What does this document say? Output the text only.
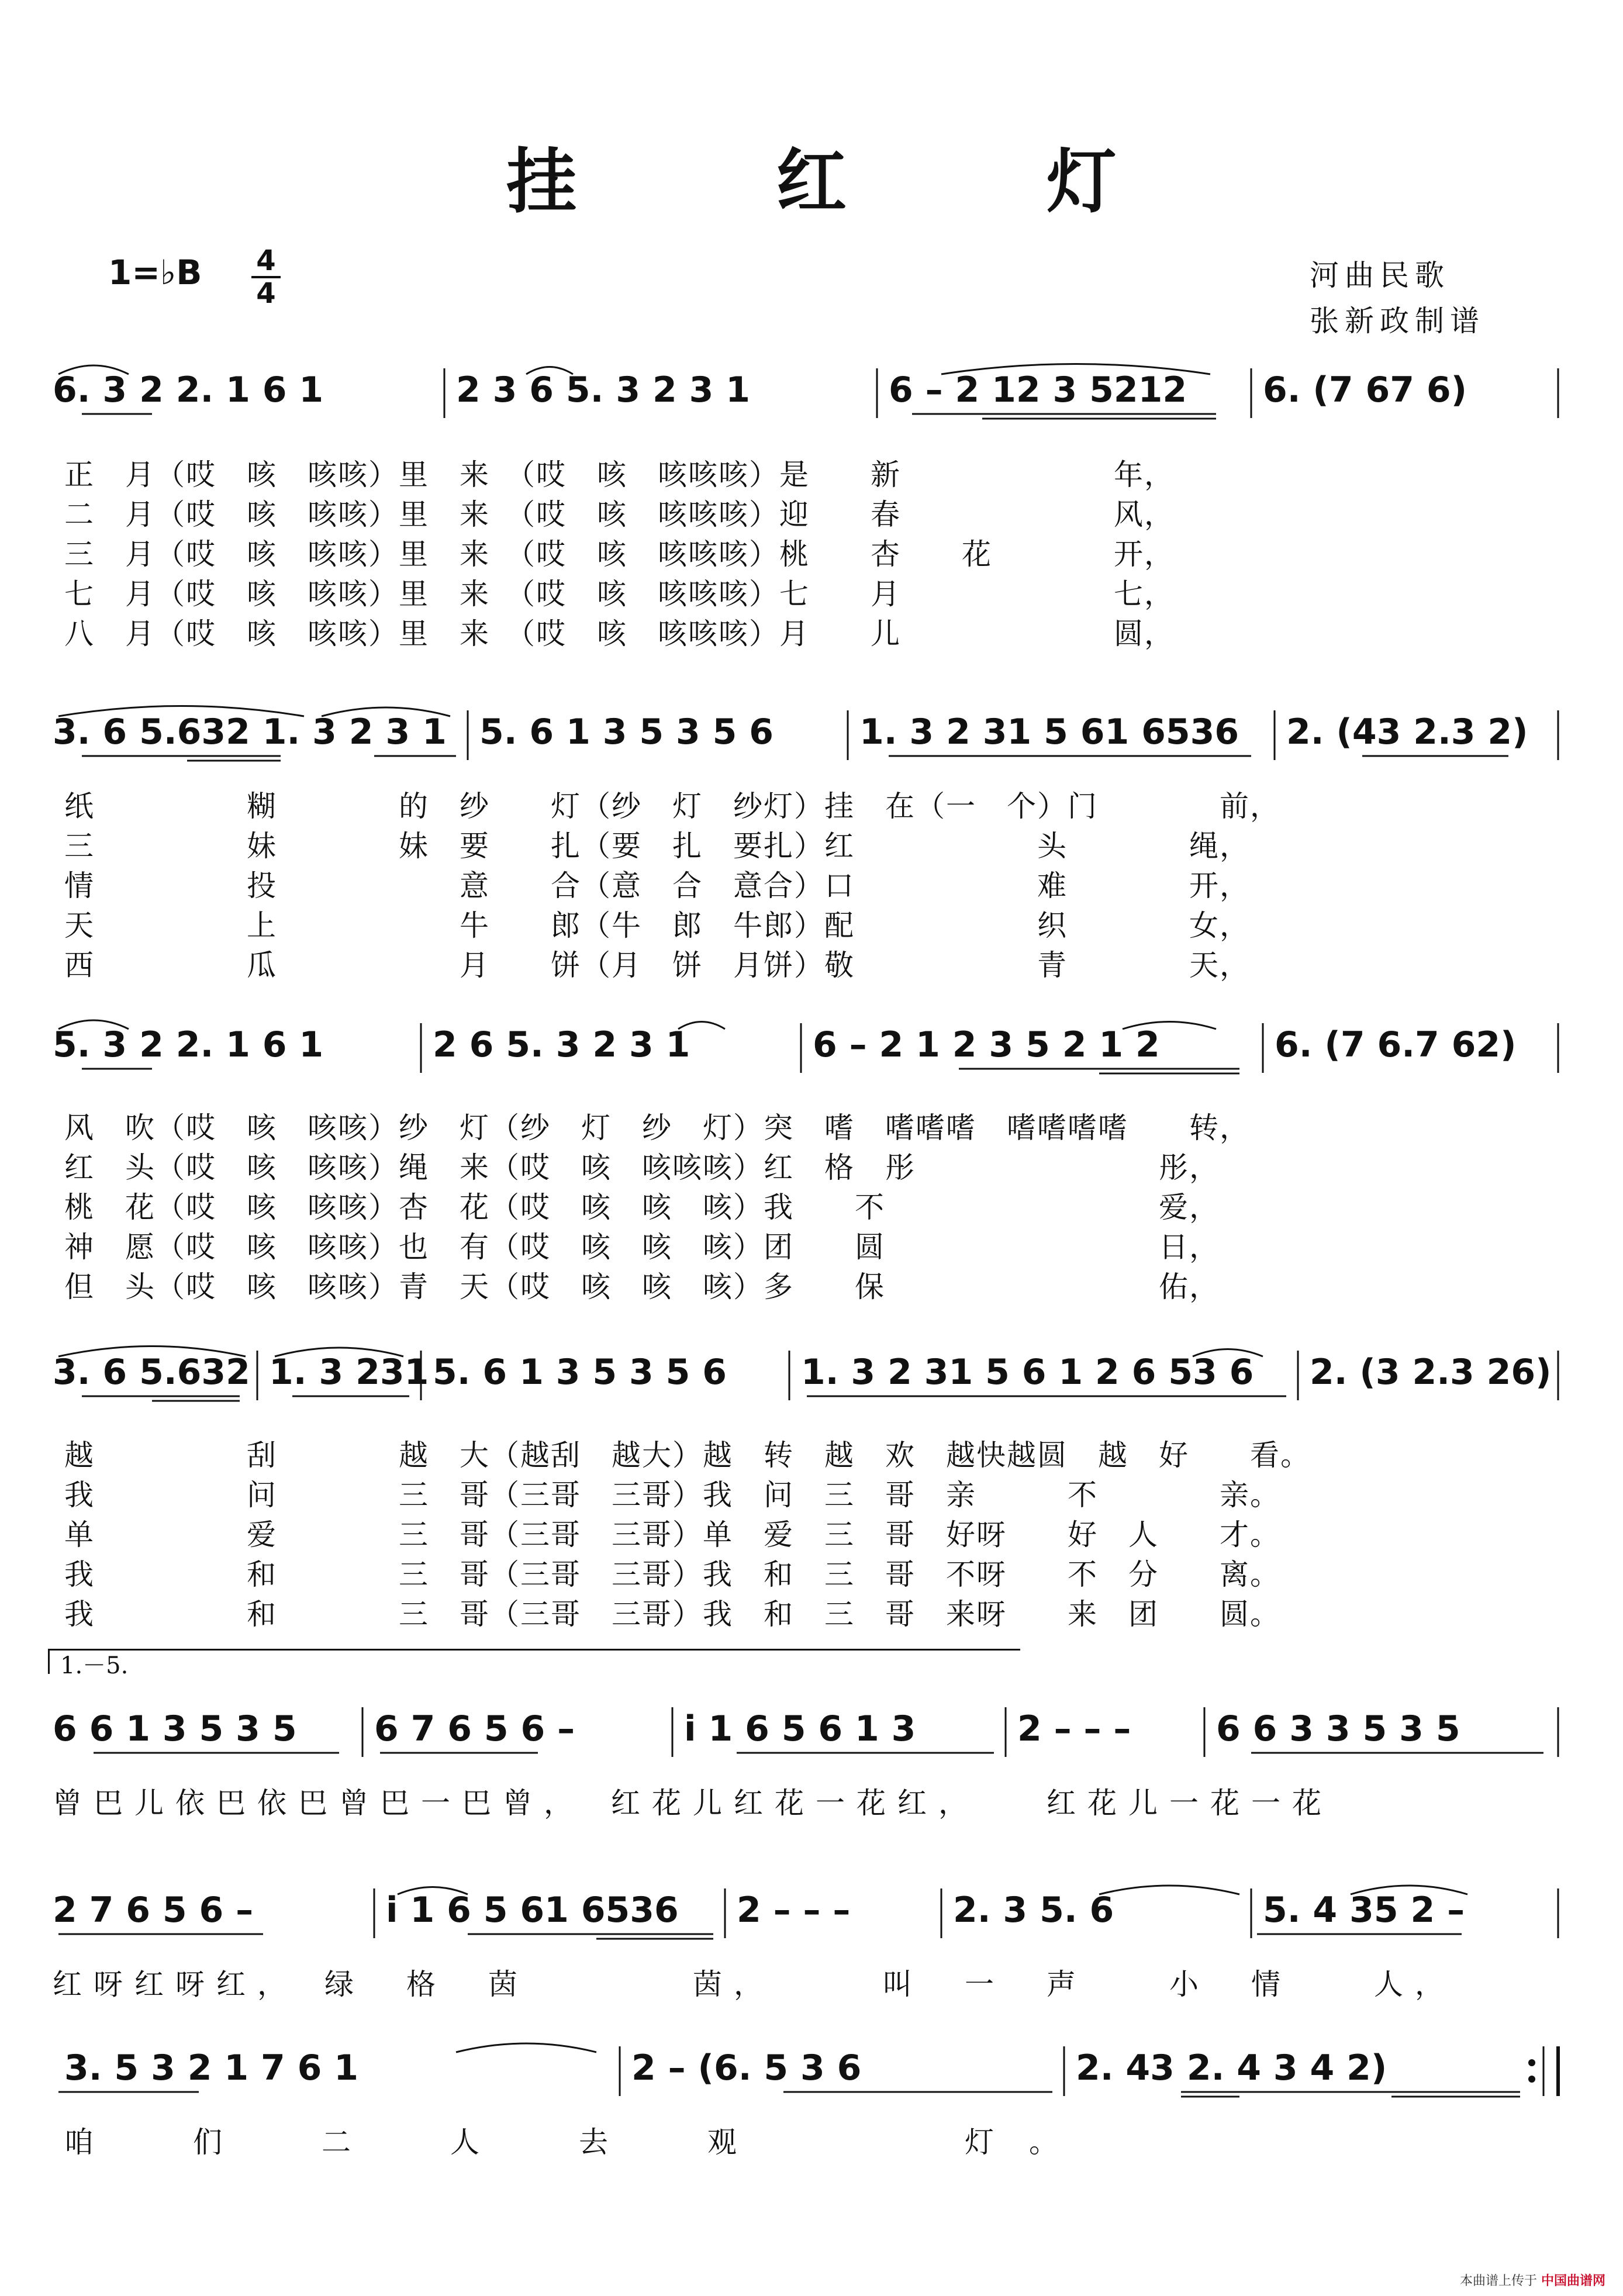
挂 红 灯
1=♭B $\frac{4}{4}$	河曲民歌
张新政制谱
6. 3 2 2. 1 6 1	2 3 6 5. 3 2 3 1	6 – 2 12 3 5212 6. (7 67 6)
正　月（哎　咳　咳咳）里　来　（哎　咳　咳咳咳）是　　新　　　　　　　年，
二　月（哎　咳　咳咳）里　来　（哎　咳　咳咳咳）迎　　春　　　　　　　风，
三　月（哎　咳　咳咳）里　来　（哎　咳　咳咳咳）桃　　杏　　花　　　　开，
七　月（哎　咳　咳咳）里　来　（哎　咳　咳咳咳）七　　月　　　　　　　七，
八　月（哎　咳　咳咳）里　来　（哎　咳　咳咳咳）月　　儿　　　　　　　圆，
3. 6 5.632 1. 3 2 3 1 5. 6 1 3 5 3 5 6 1. 3 2 31 5 61 6536 2. (43 2.3 2)
纸　　　　　糊　　　　的　纱　　灯（纱　灯　纱灯）挂　在（一　个）门　　　　前，
三　　　　　妹　　　　妹　要　　扎（要　扎　要扎）红　　　　　　头　　　　绳，
情　　　　　投　　　　　　意　　合（意　合　意合）口　　　　　　难　　　　开，
天　　　　　上　　　　　　牛　　郎（牛　郎　牛郎）配　　　　　　织　　　　女，
西　　　　　瓜　　　　　　月　　饼（月　饼　月饼）敬　　　　　　青　　　　天，
5. 3 2 2. 1 6 1	2 6 5. 3 2 3 1	6 – 2 1 2 3 5 2 1 2	6. (7 6.7 62)
风　吹（哎　咳　咳咳）纱　灯（纱　灯　纱　灯）突　嗜　嗜嗜嗜　嗜嗜嗜嗜　　转，
红　头（哎　咳　咳咳）绳　来（哎　咳　咳咳咳）红　格　彤　　　　　　　　彤，
桃　花（哎　咳　咳咳）杏　花（哎　咳　咳　咳）我　　不　　　　　　　　　爱，
神　愿（哎　咳　咳咳）也　有（哎　咳　咳　咳）团　　圆　　　　　　　　　日，
但　头（哎　咳　咳咳）青　天（哎　咳　咳　咳）多　　保　　　　　　　　　佑，
3. 6 5.632 1. 3 231 5. 6 1 3 5 3 5 6 1. 3 2 31 5 6 1 2 6 53 6 2. (3 2.3 26)
越　　　　　刮　　　　越　大（越刮　越大）越　转　越　欢　越快越圆　越　好　　看。
我　　　　　问　　　　三　哥（三哥　三哥）我　问　三　哥　亲　　　不　　　　亲。
单　　　　　爱　　　　三　哥（三哥　三哥）单　爱　三　哥　好呀　　好　人　　才。
我　　　　　和　　　　三　哥（三哥　三哥）我　和　三　哥　不呀　　不　分　　离。
我　　　　　和　　　　三　哥（三哥　三哥）我　和　三　哥　来呀　　来　团　　圆。
1.－5.
6 6 1 3 5 3 5 6 7 6 5 6 –	i 1 6 5 6 1 3	2 – – – 6 6 3 3 5 3 5
曾巴儿依巴依巴曾巴一巴曾，　红花儿红花一花红，　　红花儿一花一花
2 7 6 5 6 –	i 1 6 5 61 6536 2 – – –	2. 3 5. 6	5. 4 35 2 –
红呀红呀红，　绿　格　茵　　　　茵，　　　叫　一　声　　小　情　　人，
3. 5 3 2 1 7 6 1	2 – (6. 5 3 6	2. 43 2. 4 3 4 2)
咱　们　二　人　去　观　　　灯。
本曲谱上传于 中国曲谱网
